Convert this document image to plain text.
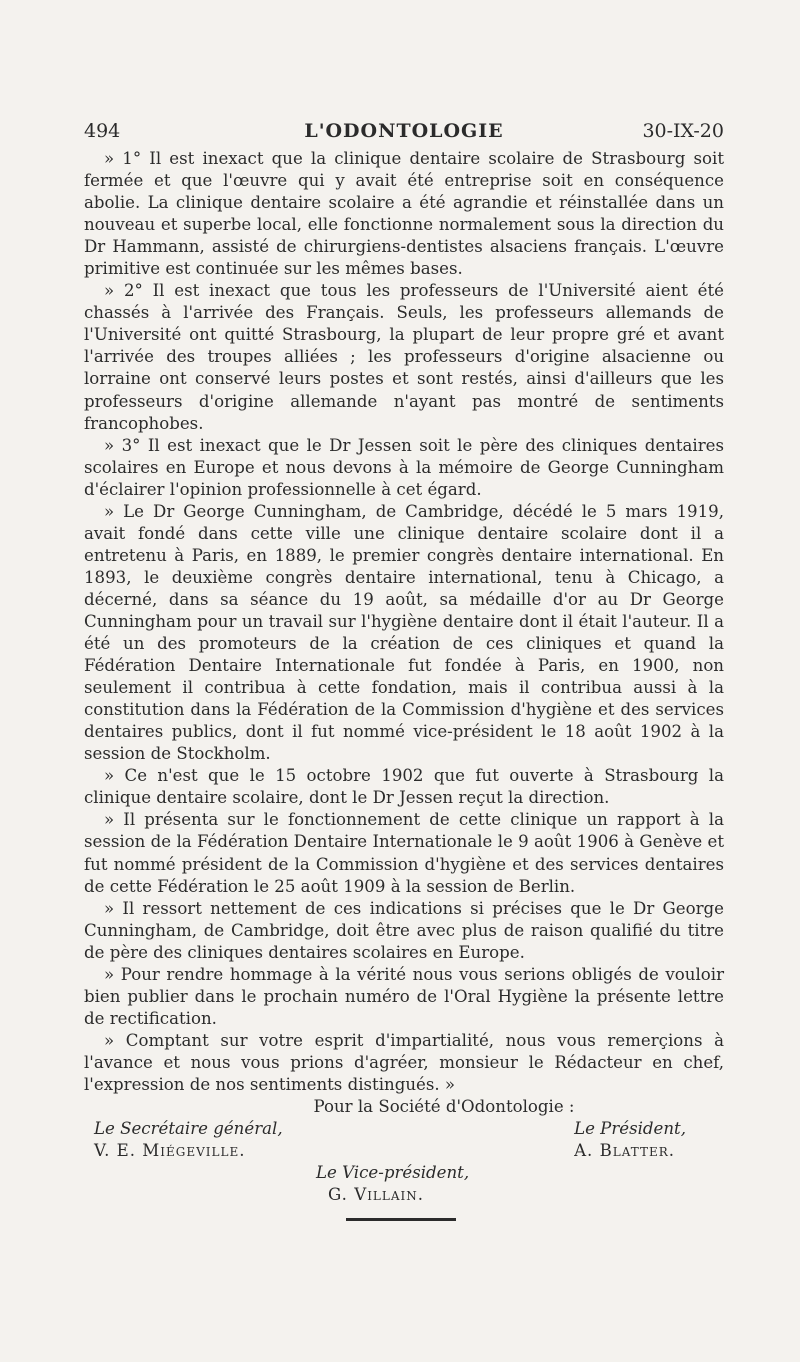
494	L'ODONTOLOGIE	30-IX-20

» 1° Il est inexact que la clinique dentaire scolaire de Strasbourg soit fermée et que l'œuvre qui y avait été entreprise soit en conséquence abolie. La clinique dentaire scolaire a été agrandie et réinstallée dans un nouveau et superbe local, elle fonctionne normalement sous la direction du Dr Hammann, assisté de chirurgiens-dentistes alsaciens français. L'œuvre primitive est continuée sur les mêmes bases.

» 2° Il est inexact que tous les professeurs de l'Université aient été chassés à l'arrivée des Français. Seuls, les professeurs allemands de l'Université ont quitté Strasbourg, la plupart de leur propre gré et avant l'arrivée des troupes alliées ; les professeurs d'origine alsacienne ou lorraine ont conservé leurs postes et sont restés, ainsi d'ailleurs que les professeurs d'origine allemande n'ayant pas montré de sentiments francophobes.

» 3° Il est inexact que le Dr Jessen soit le père des cliniques dentaires scolaires en Europe et nous devons à la mémoire de George Cunningham d'éclairer l'opinion professionnelle à cet égard.

» Le Dr George Cunningham, de Cambridge, décédé le 5 mars 1919, avait fondé dans cette ville une clinique dentaire scolaire dont il a entretenu à Paris, en 1889, le premier congrès dentaire international. En 1893, le deuxième congrès dentaire international, tenu à Chicago, a décerné, dans sa séance du 19 août, sa médaille d'or au Dr George Cunningham pour un travail sur l'hygiène dentaire dont il était l'auteur. Il a été un des promoteurs de la création de ces cliniques et quand la Fédération Dentaire Internationale fut fondée à Paris, en 1900, non seulement il contribua à cette fondation, mais il contribua aussi à la constitution dans la Fédération de la Commission d'hygiène et des services dentaires publics, dont il fut nommé vice-président le 18 août 1902 à la session de Stockholm.

» Ce n'est que le 15 octobre 1902 que fut ouverte à Strasbourg la clinique dentaire scolaire, dont le Dr Jessen reçut la direction.

» Il présenta sur le fonctionnement de cette clinique un rapport à la session de la Fédération Dentaire Internationale le 9 août 1906 à Genève et fut nommé président de la Commission d'hygiène et des services dentaires de cette Fédération le 25 août 1909 à la session de Berlin.

» Il ressort nettement de ces indications si précises que le Dr George Cunningham, de Cambridge, doit être avec plus de raison qualifié du titre de père des cliniques dentaires scolaires en Europe.

» Pour rendre hommage à la vérité nous vous serions obligés de vouloir bien publier dans le prochain numéro de l'Oral Hygiène la présente lettre de rectification.

» Comptant sur votre esprit d'impartialité, nous vous remerçions à l'avance et nous vous prions d'agréer, monsieur le Rédacteur en chef, l'expression de nos sentiments distingués. »

Pour la Société d'Odontologie :

Le Secrétaire général,
V. E. Miégeville.
Le Président,
A. Blatter.
Le Vice-président,
G. Villain.
